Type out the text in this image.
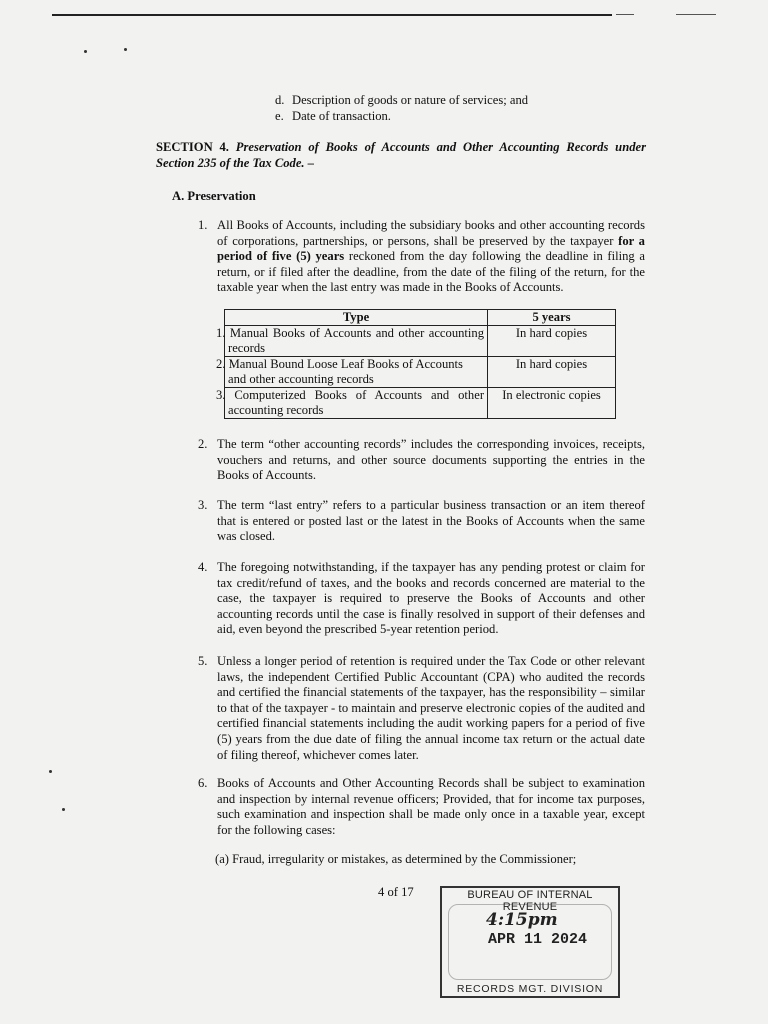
d. Description of goods or nature of services; and
e. Date of transaction.
SECTION 4. Preservation of Books of Accounts and Other Accounting Records under Section 235 of the Tax Code. –
A. Preservation
1. All Books of Accounts, including the subsidiary books and other accounting records of corporations, partnerships, or persons, shall be preserved by the taxpayer for a period of five (5) years reckoned from the day following the deadline in filing a return, or if filed after the deadline, from the date of the filing of the return, for the taxable year when the last entry was made in the Books of Accounts.
Type	5 years
1. Manual Books of Accounts and other accounting records	In hard copies
2. Manual Bound Loose Leaf Books of Accounts and other accounting records	In hard copies
3. Computerized Books of Accounts and other accounting records	In electronic copies
2. The term “other accounting records” includes the corresponding invoices, receipts, vouchers and returns, and other source documents supporting the entries in the Books of Accounts.
3. The term “last entry” refers to a particular business transaction or an item thereof that is entered or posted last or the latest in the Books of Accounts when the same was closed.
4. The foregoing notwithstanding, if the taxpayer has any pending protest or claim for tax credit/refund of taxes, and the books and records concerned are material to the case, the taxpayer is required to preserve the Books of Accounts and other accounting records until the case is finally resolved in support of their defenses and aid, even beyond the prescribed 5-year retention period.
5. Unless a longer period of retention is required under the Tax Code or other relevant laws, the independent Certified Public Accountant (CPA) who audited the records and certified the financial statements of the taxpayer, has the responsibility – similar to that of the taxpayer - to maintain and preserve electronic copies of the audited and certified financial statements including the audit working papers for a period of five (5) years from the due date of filing the annual income tax return or the actual date of filing thereof, whichever comes later.
6. Books of Accounts and Other Accounting Records shall be subject to examination and inspection by internal revenue officers; Provided, that for income tax purposes, such examination and inspection shall be made only once in a taxable year, except for the following cases:
(a) Fraud, irregularity or mistakes, as determined by the Commissioner;
4 of 17	BUREAU OF INTERNAL REVENUE
4:15pm
APR 11 2024
RECORDS MGT. DIVISION
